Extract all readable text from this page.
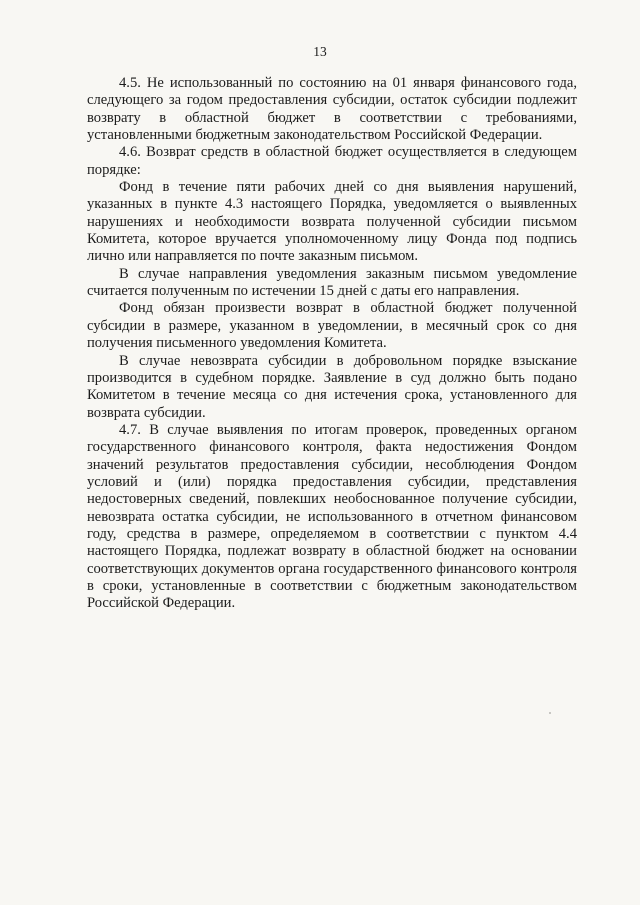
13

4.5. Не использованный по состоянию на 01 января финансового года, следующего за годом предоставления субсидии, остаток субсидии подлежит возврату в областной бюджет в соответствии с требованиями, установленными бюджетным законодательством Российской Федерации.

4.6. Возврат средств в областной бюджет осуществляется в следующем порядке:

Фонд в течение пяти рабочих дней со дня выявления нарушений, указанных в пункте 4.3 настоящего Порядка, уведомляется о выявленных нарушениях и необходимости возврата полученной субсидии письмом Комитета, которое вручается уполномоченному лицу Фонда под подпись лично или направляется по почте заказным письмом.

В случае направления уведомления заказным письмом уведомление считается полученным по истечении 15 дней с даты его направления.

Фонд обязан произвести возврат в областной бюджет полученной субсидии в размере, указанном в уведомлении, в месячный срок со дня получения письменного уведомления Комитета.

В случае невозврата субсидии в добровольном порядке взыскание производится в судебном порядке. Заявление в суд должно быть подано Комитетом в течение месяца со дня истечения срока, установленного для возврата субсидии.

4.7. В случае выявления по итогам проверок, проведенных органом государственного финансового контроля, факта недостижения Фондом значений результатов предоставления субсидии, несоблюдения Фондом условий и (или) порядка предоставления субсидии, представления недостоверных сведений, повлекших необоснованное получение субсидии, невозврата остатка субсидии, не использованного в отчетном финансовом году, средства в размере, определяемом в соответствии с пунктом 4.4 настоящего Порядка, подлежат возврату в областной бюджет на основании соответствующих документов органа государственного финансового контроля в сроки, установленные в соответствии с бюджетным законодательством Российской Федерации.
